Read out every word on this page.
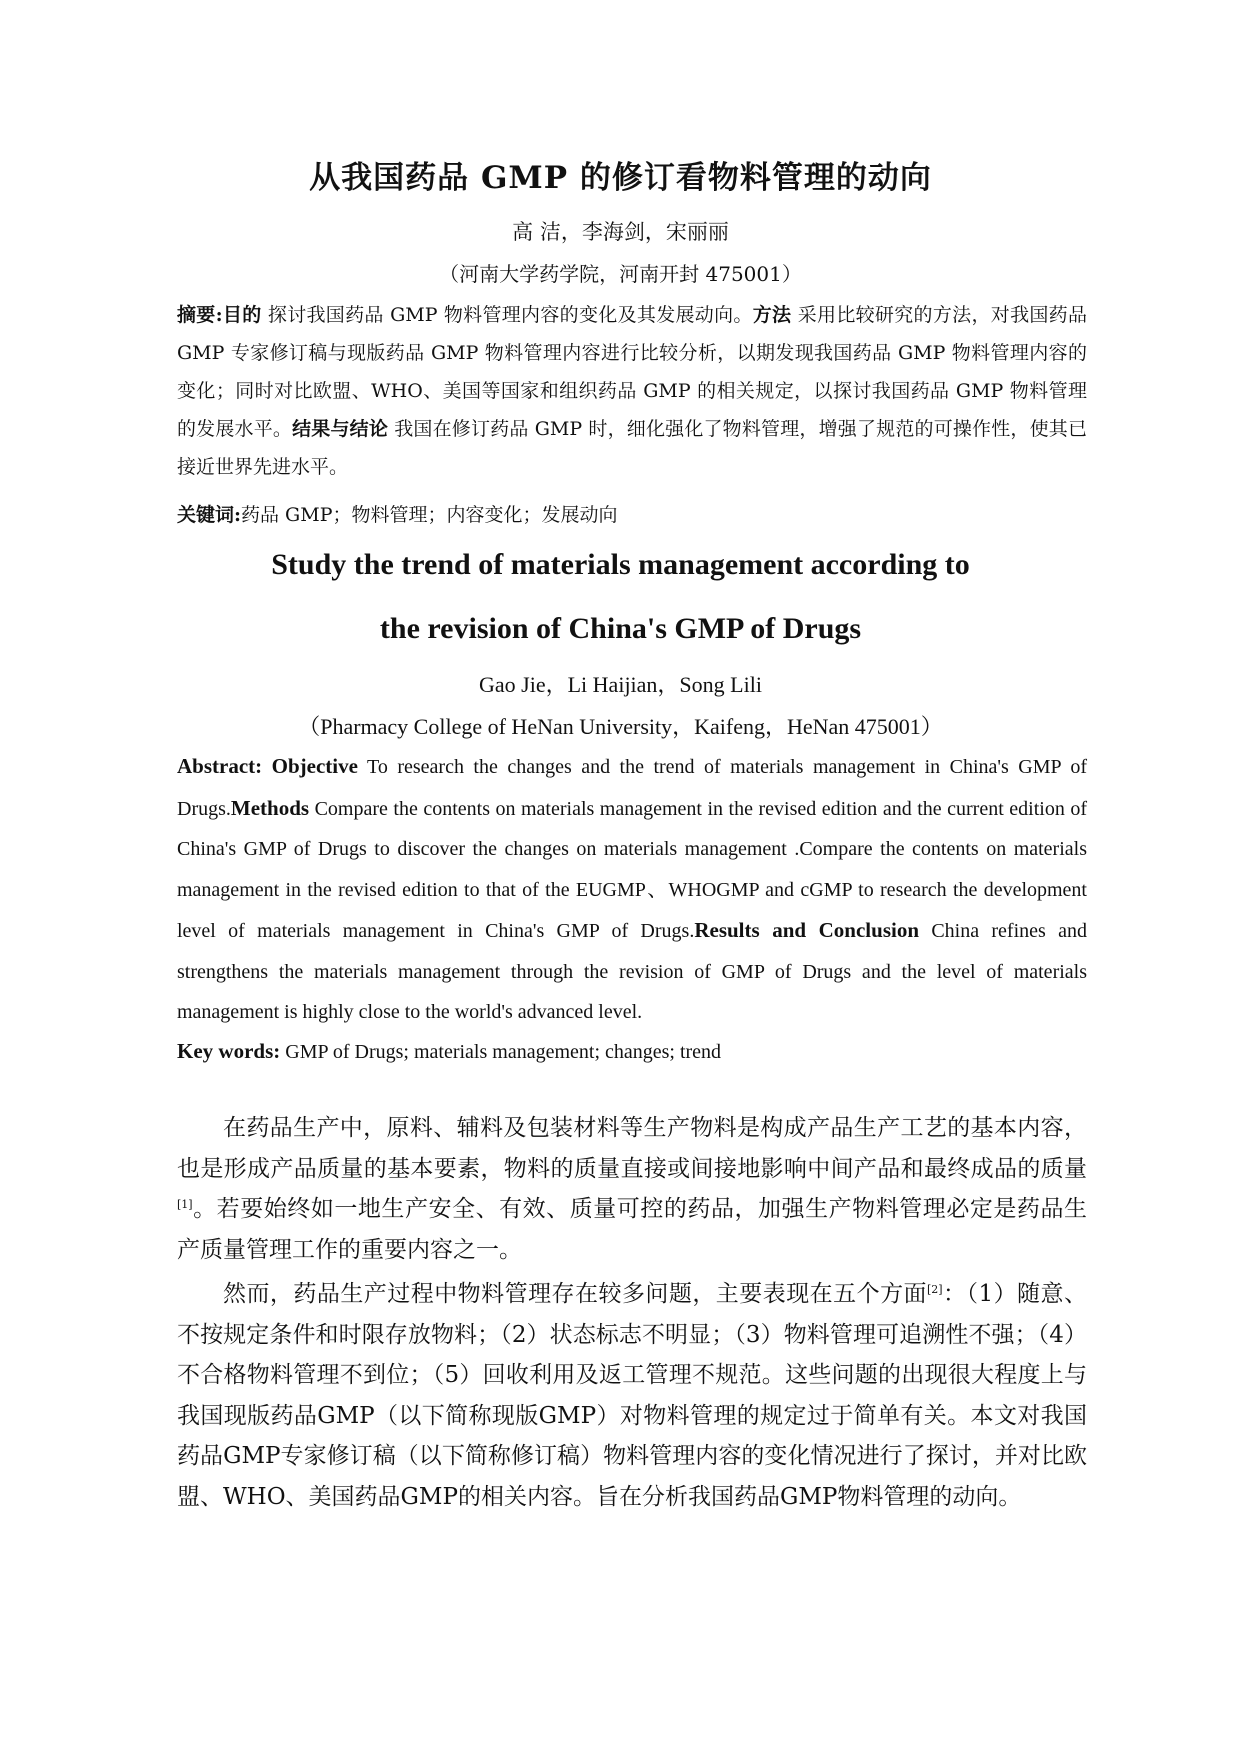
从我国药品 GMP 的修订看物料管理的动向
高 洁，李海剑，宋丽丽
（河南大学药学院，河南开封 475001）
摘要:目的 探讨我国药品 GMP 物料管理内容的变化及其发展动向。方法 采用比较研究的方法，对我国药品 GMP 专家修订稿与现版药品 GMP 物料管理内容进行比较分析，以期发现我国药品 GMP 物料管理内容的变化；同时对比欧盟、WHO、美国等国家和组织药品 GMP 的相关规定，以探讨我国药品 GMP 物料管理的发展水平。结果与结论 我国在修订药品 GMP 时，细化强化了物料管理，增强了规范的可操作性，使其已接近世界先进水平。
关键词:药品 GMP；物料管理；内容变化；发展动向
Study the trend of materials management according to
the revision of China's GMP of Drugs
Gao Jie，Li Haijian，Song Lili
（Pharmacy College of HeNan University，Kaifeng，HeNan 475001）
Abstract: Objective To research the changes and the trend of materials management in China's GMP of Drugs.Methods Compare the contents on materials management in the revised edition and the current edition of China's GMP of Drugs to discover the changes on materials management .Compare the contents on materials management in the revised edition to that of the EUGMP、WHOGMP and cGMP to research the development level of materials management in China's GMP of Drugs.Results and Conclusion China refines and strengthens the materials management through the revision of GMP of Drugs and the level of materials management is highly close to the world's advanced level.
Key words: GMP of Drugs; materials management; changes; trend

在药品生产中，原料、辅料及包装材料等生产物料是构成产品生产工艺的基本内容，也是形成产品质量的基本要素，物料的质量直接或间接地影响中间产品和最终成品的质量[1]。若要始终如一地生产安全、有效、质量可控的药品，加强生产物料管理必定是药品生产质量管理工作的重要内容之一。

然而，药品生产过程中物料管理存在较多问题，主要表现在五个方面[2]：（1）随意、不按规定条件和时限存放物料；（2）状态标志不明显；（3）物料管理可追溯性不强；（4）不合格物料管理不到位；（5）回收利用及返工管理不规范。这些问题的出现很大程度上与我国现版药品GMP（以下简称现版GMP）对物料管理的规定过于简单有关。本文对我国药品GMP专家修订稿（以下简称修订稿）物料管理内容的变化情况进行了探讨，并对比欧盟、WHO、美国药品GMP的相关内容。旨在分析我国药品GMP物料管理的动向。
